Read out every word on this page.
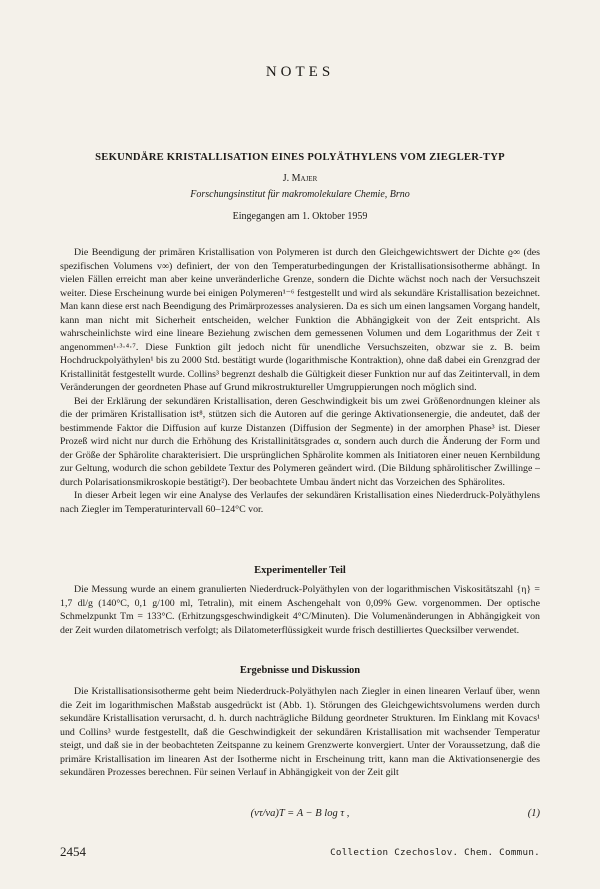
NOTES
SEKUNDÄRE KRISTALLISATION EINES POLYÄTHYLENS VOM ZIEGLER-TYP
J. Majer
Forschungsinstitut für makromolekulare Chemie, Brno
Eingegangen am 1. Oktober 1959

Die Beendigung der primären Kristallisation von Polymeren ist durch den Gleichgewichtswert der Dichte ϱ∞ (des spezifischen Volumens v∞) definiert, der von den Temperaturbedingungen der Kristallisationsisotherme abhängt. In vielen Fällen erreicht man aber keine unveränderliche Grenze, sondern die Dichte wächst noch nach der Versuchszeit weiter. Diese Erscheinung wurde bei einigen Polymeren¹⁻⁶ festgestellt und wird als sekundäre Kristallisation bezeichnet. Man kann diese erst nach Beendigung des Primärprozesses analysieren. Da es sich um einen langsamen Vorgang handelt, kann man nicht mit Sicherheit entscheiden, welcher Funktion die Abhängigkeit von der Zeit entspricht. Als wahrscheinlichste wird eine lineare Beziehung zwischen dem gemessenen Volumen und dem Logarithmus der Zeit τ angenommen¹·³·⁴·⁷. Diese Funktion gilt jedoch nicht für unendliche Versuchszeiten, obzwar sie z. B. beim Hochdruckpolyäthylen¹ bis zu 2000 Std. bestätigt wurde (logarithmische Kontraktion), ohne daß dabei ein Grenzgrad der Kristallinität festgestellt wurde. Collins³ begrenzt deshalb die Gültigkeit dieser Funktion nur auf das Zeitintervall, in dem Veränderungen der geordneten Phase auf Grund mikrostruktureller Umgruppierungen noch möglich sind.

Bei der Erklärung der sekundären Kristallisation, deren Geschwindigkeit bis um zwei Größenordnungen kleiner als die der primären Kristallisation ist⁸, stützen sich die Autoren auf die geringe Aktivationsenergie, die andeutet, daß der bestimmende Faktor die Diffusion auf kurze Distanzen (Diffusion der Segmente) in der amorphen Phase³ ist. Dieser Prozeß wird nicht nur durch die Erhöhung des Kristallinitätsgrades α, sondern auch durch die Änderung der Form und der Größe der Sphärolite charakterisiert. Die ursprünglichen Sphärolite kommen als Initiatoren einer neuen Kernbildung zur Geltung, wodurch die schon gebildete Textur des Polymeren geändert wird. (Die Bildung sphärolitischer Zwillinge – durch Polarisationsmikroskopie bestätigt²). Der beobachtete Umbau ändert nicht das Vorzeichen des Sphärolites.

In dieser Arbeit legen wir eine Analyse des Verlaufes der sekundären Kristallisation eines Niederdruck-Polyäthylens nach Ziegler im Temperaturintervall 60–124°C vor.

Experimenteller Teil

Die Messung wurde an einem granulierten Niederdruck-Polyäthylen von der logarithmischen Viskositätszahl {η} = 1,7 dl/g (140°C, 0,1 g/100 ml, Tetralin), mit einem Aschengehalt von 0,09% Gew. vorgenommen. Der optische Schmelzpunkt Tm = 133°C. (Erhitzungsgeschwindigkeit 4°C/Minuten). Die Volumenänderungen in Abhängigkeit von der Zeit wurden dilatometrisch verfolgt; als Dilatometerflüssigkeit wurde frisch destilliertes Quecksilber verwendet.

Ergebnisse und Diskussion

Die Kristallisationsisotherme geht beim Niederdruck-Polyäthylen nach Ziegler in einen linearen Verlauf über, wenn die Zeit im logarithmischen Maßstab ausgedrückt ist (Abb. 1). Störungen des Gleichgewichtsvolumens werden durch sekundäre Kristallisation verursacht, d. h. durch nachträgliche Bildung geordneter Strukturen. Im Einklang mit Kovacs¹ und Collins³ wurde festgestellt, daß die Geschwindigkeit der sekundären Kristallisation mit wachsender Temperatur steigt, und daß sie in der beobachteten Zeitspanne zu keinem Grenzwerte konvergiert. Unter der Voraussetzung, daß die primäre Kristallisation im linearen Ast der Isotherme nicht in Erscheinung tritt, kann man die Aktivationsenergie des sekundären Prozesses berechnen. Für seinen Verlauf in Abhängigkeit von der Zeit gilt

(vτ/va)T = A − B log τ ,	(1)
2454	Collection Czechoslov. Chem. Commun.
